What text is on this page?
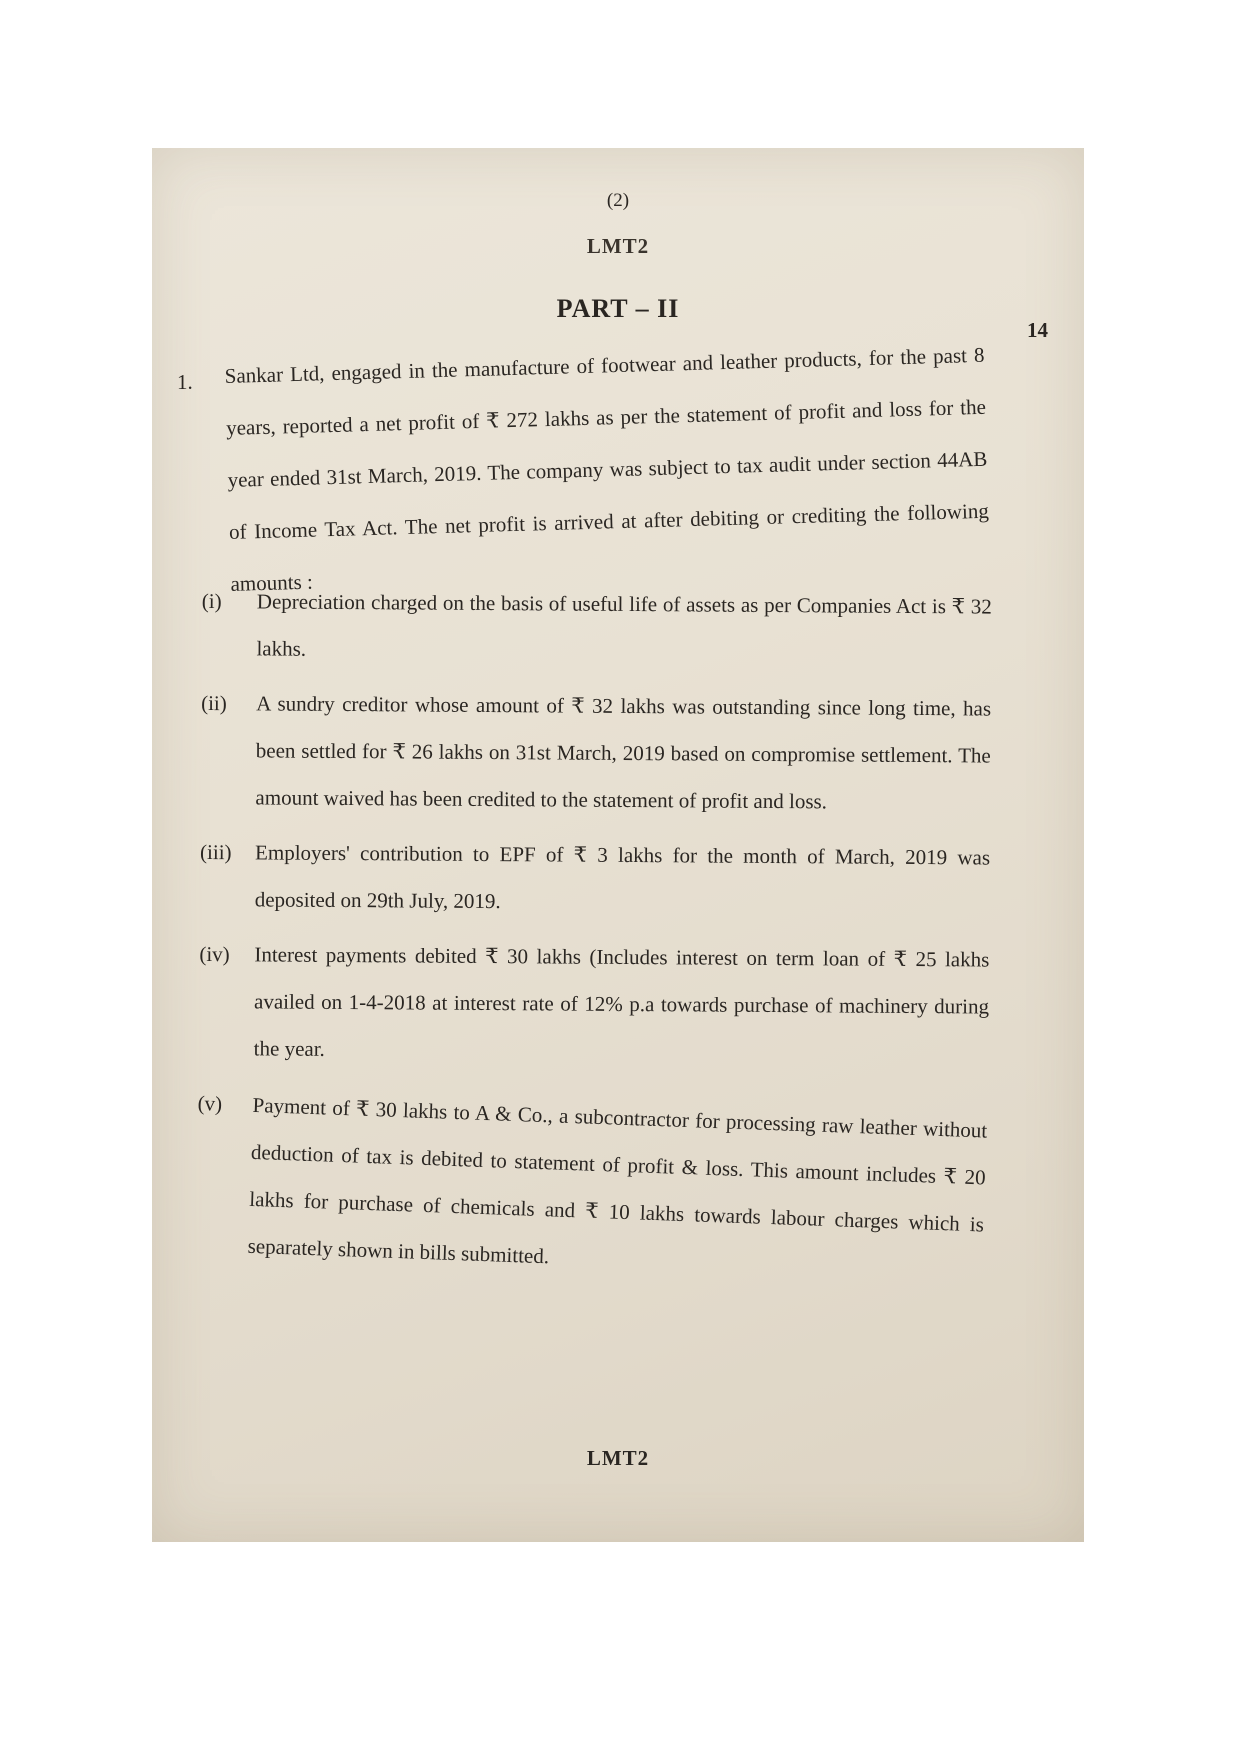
(2)
LMT2
PART – II
14
1. Sankar Ltd, engaged in the manufacture of footwear and leather products, for the past 8 years, reported a net profit of ₹ 272 lakhs as per the statement of profit and loss for the year ended 31st March, 2019. The company was subject to tax audit under section 44AB of Income Tax Act. The net profit is arrived at after debiting or crediting the following amounts :
(i) Depreciation charged on the basis of useful life of assets as per Companies Act is ₹ 32 lakhs.
(ii) A sundry creditor whose amount of ₹ 32 lakhs was outstanding since long time, has been settled for ₹ 26 lakhs on 31st March, 2019 based on compromise settlement. The amount waived has been credited to the statement of profit and loss.
(iii) Employers' contribution to EPF of ₹ 3 lakhs for the month of March, 2019 was deposited on 29th July, 2019.
(iv) Interest payments debited ₹ 30 lakhs (Includes interest on term loan of ₹ 25 lakhs availed on 1-4-2018 at interest rate of 12% p.a towards purchase of machinery during the year.
(v) Payment of ₹ 30 lakhs to A & Co., a subcontractor for processing raw leather without deduction of tax is debited to statement of profit & loss. This amount includes ₹ 20 lakhs for purchase of chemicals and ₹ 10 lakhs towards labour charges which is separately shown in bills submitted.
LMT2
